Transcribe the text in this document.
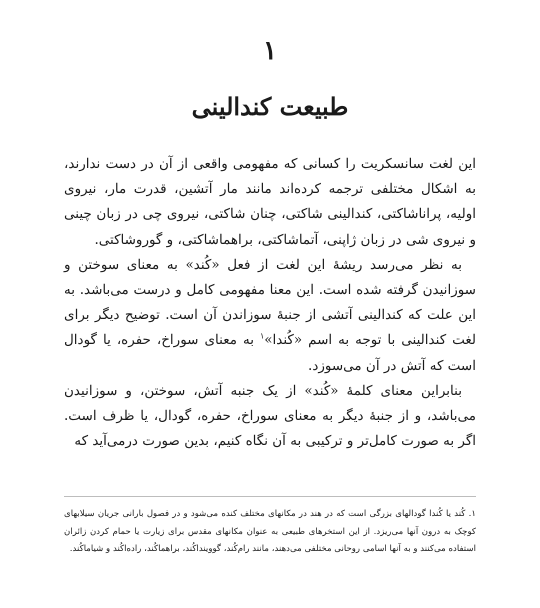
۱
طبیعت کندالینی

این لغت سانسکریت را کسانی که مفهومی واقعی از آن در دست ندارند، به اشکال مختلفی ترجمه کرده‌اند مانند مار آتشین، قدرت مار، نیروی اولیه، پراناشاکتی، کندالینی شاکتی، چنان شاکتی، نیروی چی در زبان چینی و نیروی شی در زبان ژاپنی، آتماشاکتی، براهماشاکتی، و گوروشاکتی.

به نظر می‌رسد ریشهٔ این لغت از فعل «کُند» به معنای سوختن و سوزانیدن گرفته شده است. این معنا مفهومی کامل و درست می‌باشد. به این علت که کندالینی آتشی از جنبهٔ سوزاندن آن است. توضیح دیگر برای لغت کندالینی با توجه به اسم «کُندا»$^۱$ به معنای سوراخ، حفره، یا گودال است که آتش در آن می‌سوزد.

بنابراین معنای کلمهٔ «کُند» از یک جنبه آتش، سوختن، و سوزانیدن می‌باشد، و از جنبهٔ دیگر به معنای سوراخ، حفره، گودال، یا ظرف است. اگر به صورت کامل‌تر و ترکیبی به آن نگاه کنیم، بدین صورت درمی‌آید که

۱. کُند یا کُندا گودالهای بزرگی است که در هند در مکانهای مختلف کنده می‌شود و در فصول بارانی جریان سیلابهای کوچک به درون آنها می‌ریزد. از این استخرهای طبیعی به عنوان مکانهای مقدس برای زیارت یا حمام کردن زائران استفاده می‌کنند و به آنها اسامی روحانی مختلفی می‌دهند، مانند رام‌کُند، گوویندا‌کُند، براهما‌کُند، راده‌اکُند و شیاماکُند.
